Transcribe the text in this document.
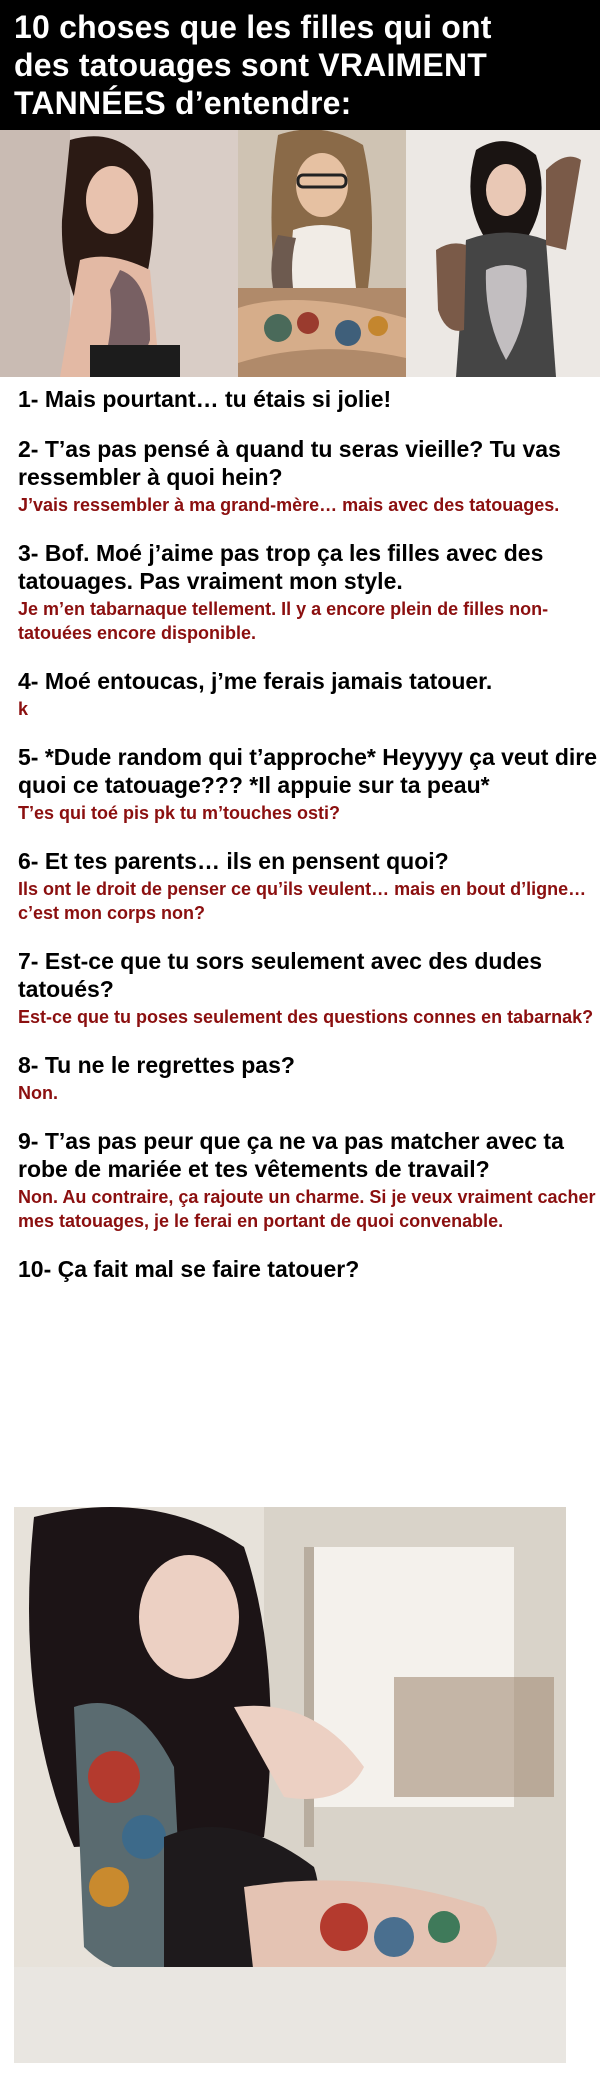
10 choses que les filles qui ont
des tatouages sont VRAIMENT
TANNÉES d’entendre:
1- Mais pourtant… tu étais si jolie!
2- T’as pas pensé à quand tu seras vieille? Tu vas ressembler à quoi hein?
J’vais ressembler à ma grand-mère… mais avec des tatouages.
3- Bof. Moé j’aime pas trop ça les filles avec des tatouages. Pas vraiment mon style.
Je m’en tabarnaque tellement. Il y a encore plein de filles non-tatouées encore disponible.
4- Moé entoucas, j’me ferais jamais tatouer.
k
5- *Dude random qui t’approche* Heyyyy ça veut dire quoi ce tatouage??? *Il appuie sur ta peau*
T’es qui toé pis pk tu m’touches osti?
6- Et tes parents… ils en pensent quoi?
Ils ont le droit de penser ce qu’ils veulent… mais en bout d’ligne… c’est mon corps non?
7- Est-ce que tu sors seulement avec des dudes tatoués?
Est-ce que tu poses seulement des questions connes en tabarnak?
8- Tu ne le regrettes pas?
Non.
9- T’as pas peur que ça ne va pas matcher avec ta robe de mariée et tes vêtements de travail?
Non. Au contraire, ça rajoute un charme. Si je veux vraiment cacher mes tatouages, je le ferai en portant de quoi convenable.
10- Ça fait mal se faire tatouer?
